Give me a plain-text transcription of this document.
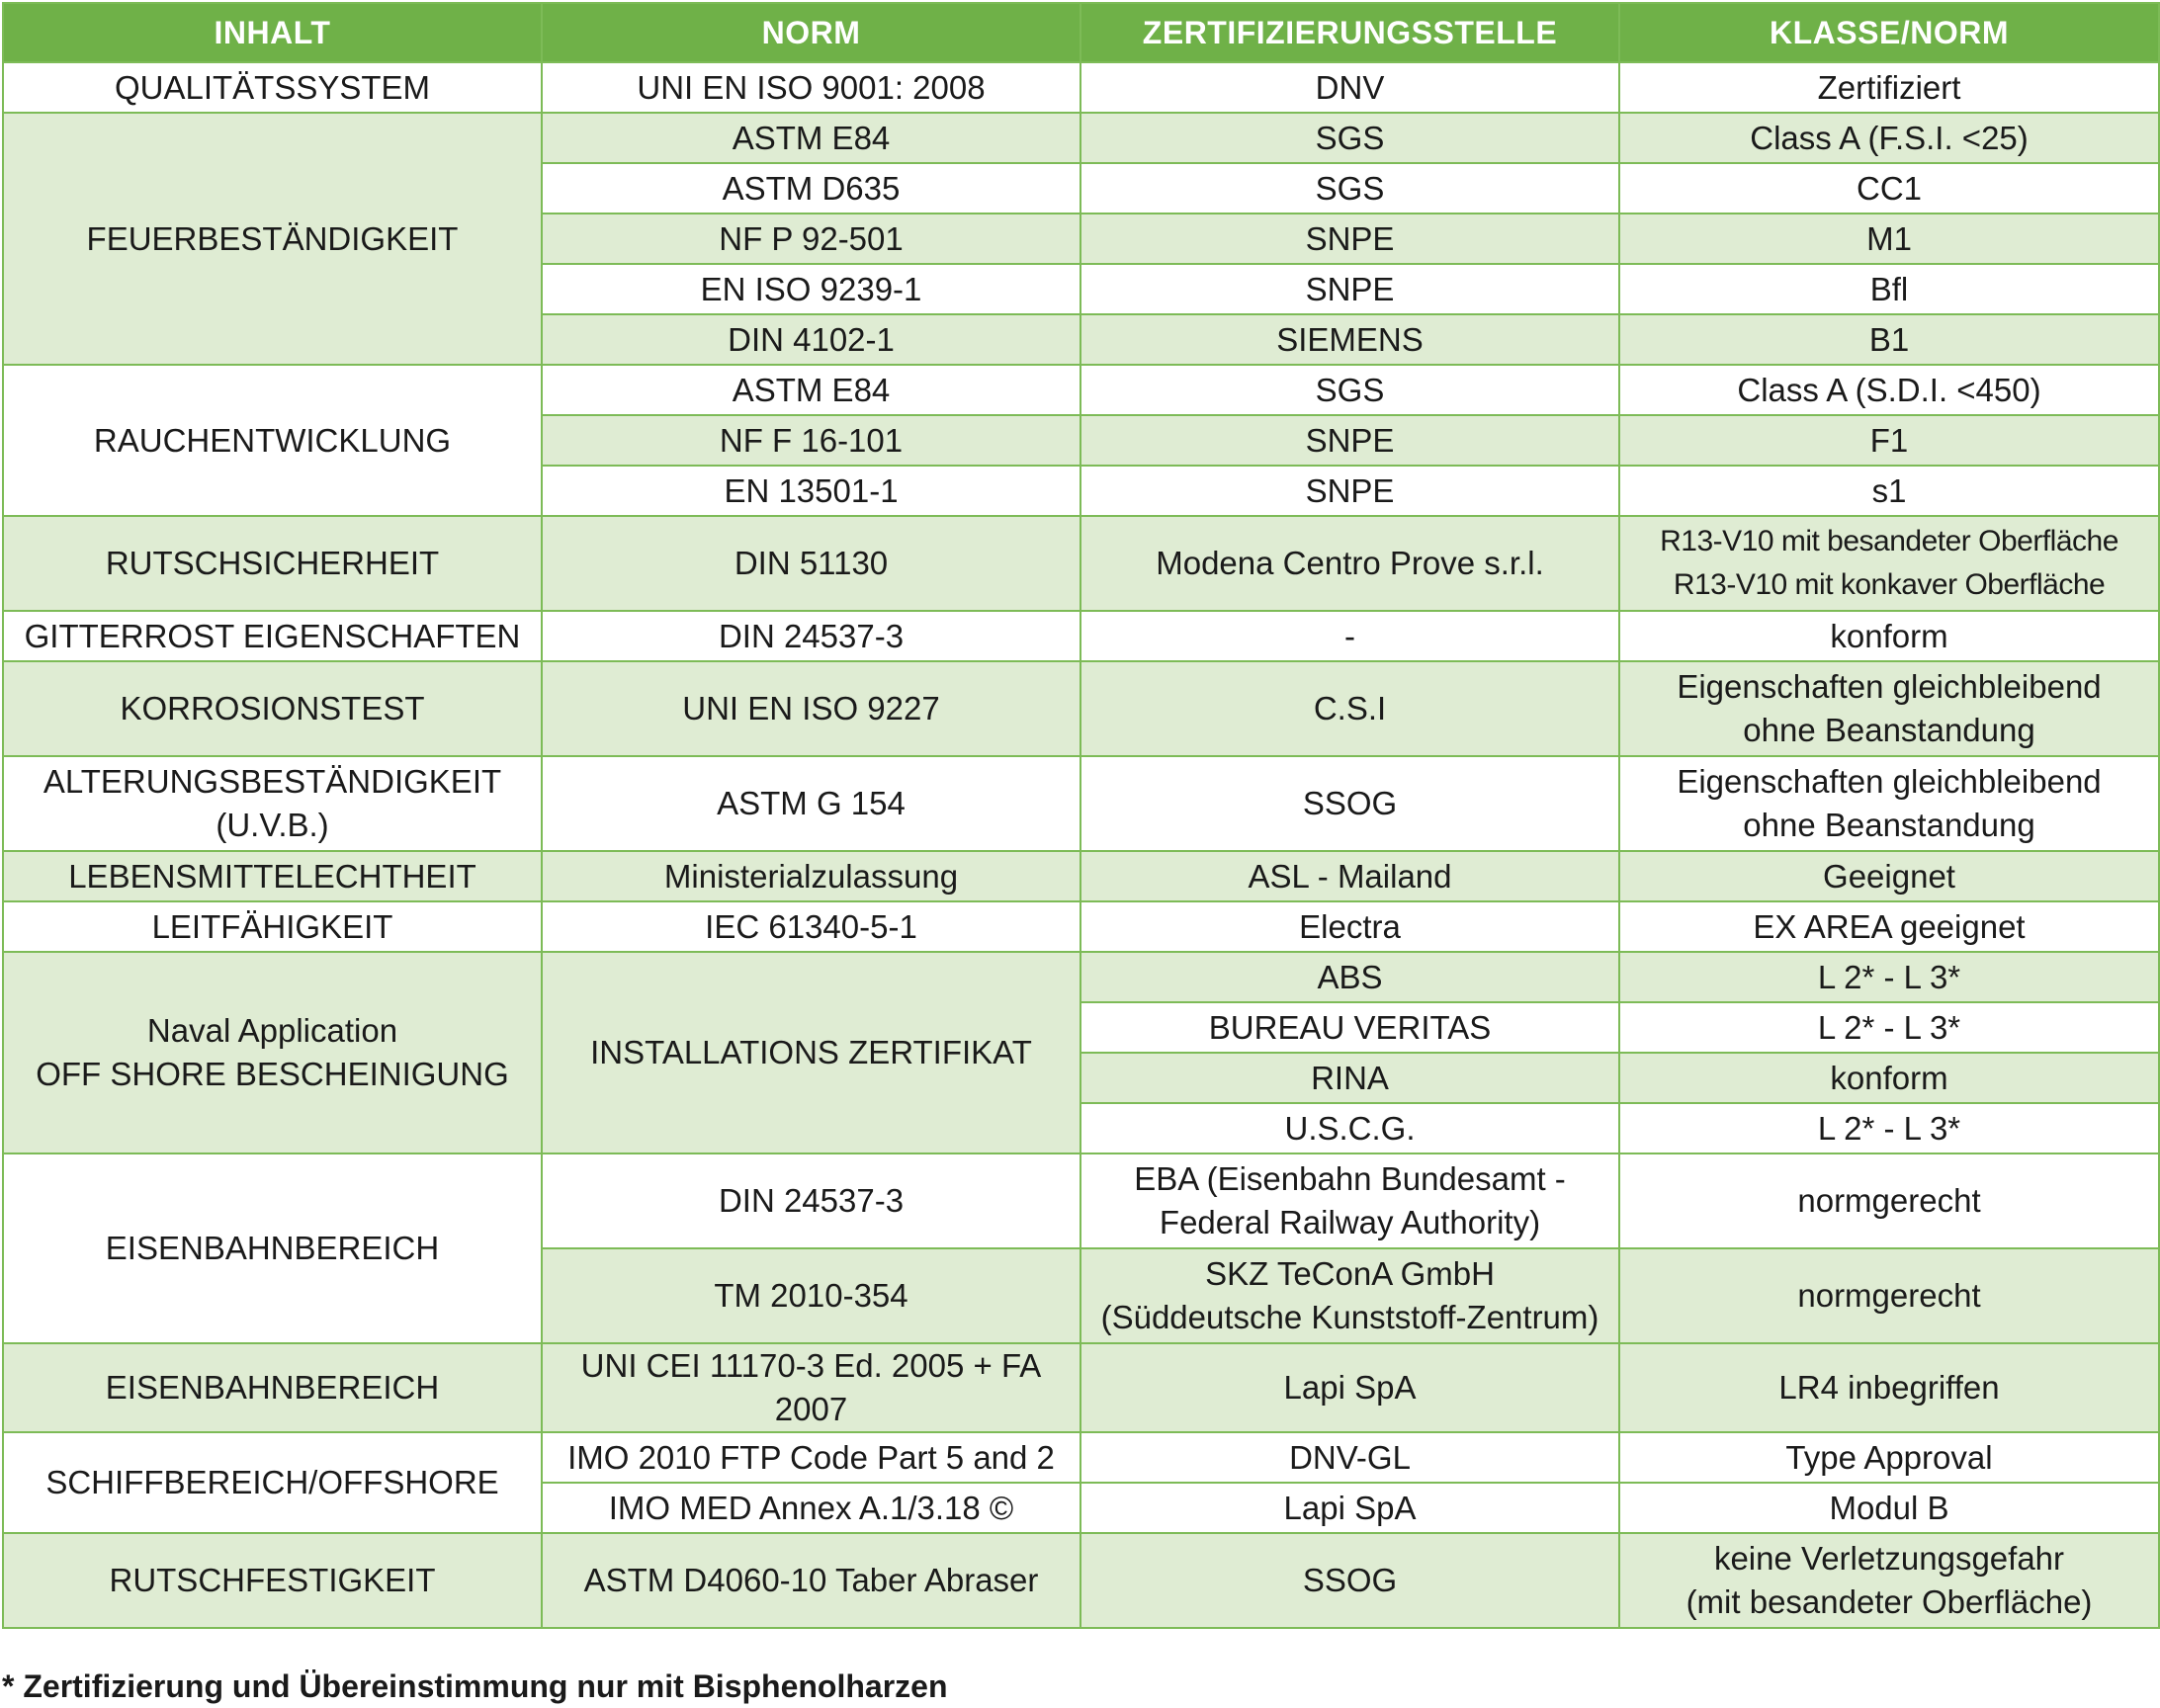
INHALT	NORM	ZERTIFIZIERUNGSSTELLE	KLASSE/NORM
QUALITÄTSSYSTEM	UNI EN ISO 9001: 2008	DNV	Zertifiziert
FEUERBESTÄNDIGKEIT	ASTM E84	SGS	Class A (F.S.I. <25)
	ASTM D635	SGS	CC1
	NF P 92-501	SNPE	M1
	EN ISO 9239-1	SNPE	Bfl
	DIN 4102-1	SIEMENS	B1
RAUCHENTWICKLUNG	ASTM E84	SGS	Class A (S.D.I. <450)
	NF F 16-101	SNPE	F1
	EN 13501-1	SNPE	s1
RUTSCHSICHERHEIT	DIN 51130	Modena Centro Prove s.r.l.	R13-V10 mit besandeter Oberfläche
R13-V10 mit konkaver Oberfläche

GITTERROST EIGENSCHAFTEN	DIN 24537-3	-	konform
KORROSIONSTEST	UNI EN ISO 9227	C.S.I	Eigenschaften gleichbleibend
ohne Beanstandung

ALTERUNGSBESTÄNDIGKEIT (U.V.B.)	ASTM G 154	SSOG	Eigenschaften gleichbleibend
ohne Beanstandung

LEBENSMITTELECHTHEIT	Ministerialzulassung	ASL - Mailand	Geeignet
LEITFÄHIGKEIT	IEC 61340-5-1	Electra	EX AREA geeignet

Naval Application
OFF SHORE BESCHEINIGUNG	INSTALLATIONS ZERTIFIKAT	ABS	L 2* - L 3*
		BUREAU VERITAS	L 2* - L 3*
		RINA	konform
		U.S.C.G.	L 2* - L 3*
EISENBAHNBEREICH	DIN 24537-3	EBA (Eisenbahn Bundesamt -
Federal Railway Authority)	normgerecht
	TM 2010-354	SKZ TeConA GmbH
(Süddeutsche Kunststoff-Zentrum)	normgerecht
EISENBAHNBEREICH	UNI CEI 11170-3 Ed. 2005 + FA 2007	Lapi SpA	LR4 inbegriffen
SCHIFFBEREICH/OFFSHORE	IMO 2010 FTP Code Part 5 and 2	DNV-GL	Type Approval
	IMO MED Annex A.1/3.18 ©	Lapi SpA	Modul B
RUTSCHFESTIGKEIT	ASTM D4060-10 Taber Abraser	SSOG	keine Verletzungsgefahr
(mit besandeter Oberfläche)
* Zertifizierung und Übereinstimmung nur mit Bisphenolharzen
